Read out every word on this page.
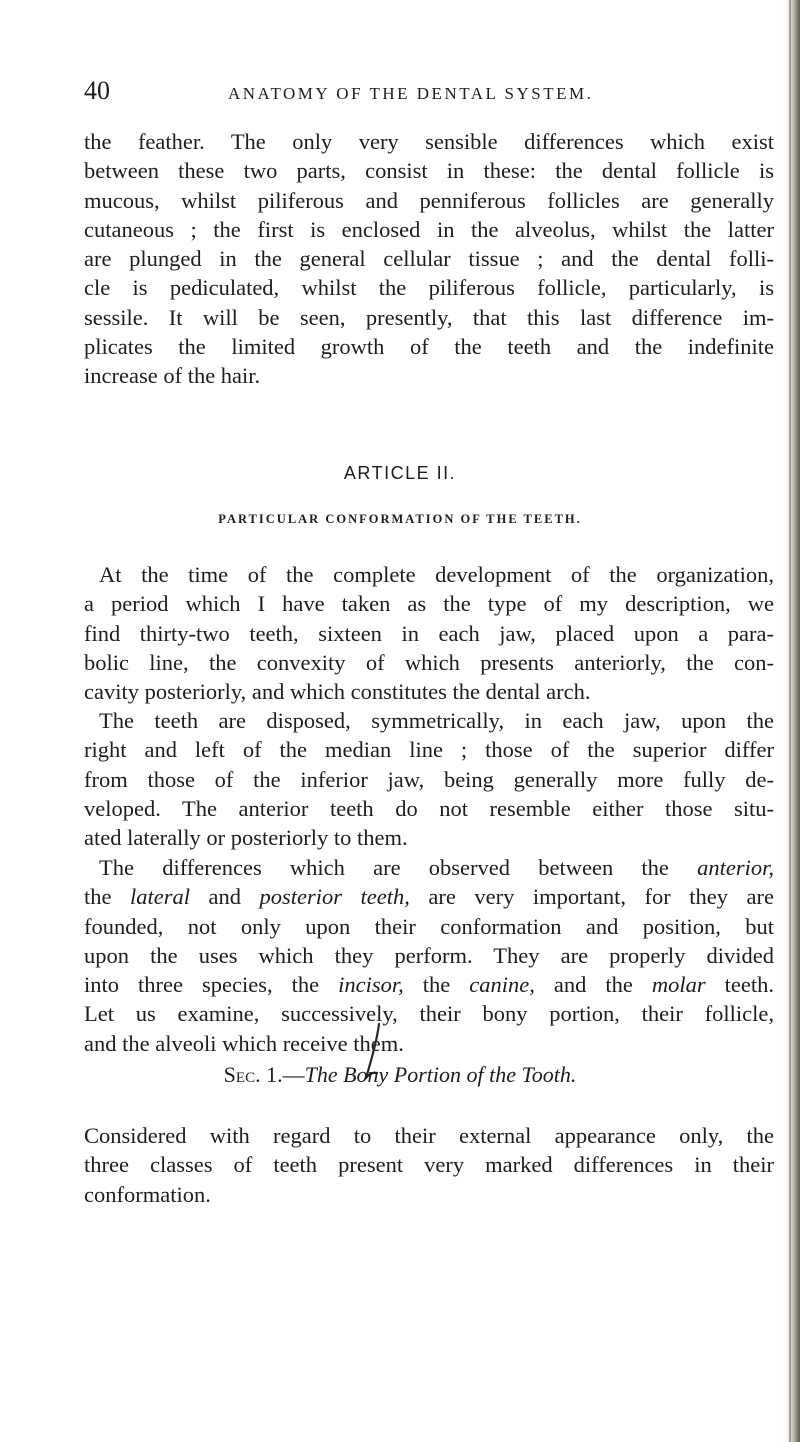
40	ANATOMY OF THE DENTAL SYSTEM.
the feather. The only very sensible differences which exist
between these two parts, consist in these: the dental follicle is
mucous, whilst piliferous and penniferous follicles are generally
cutaneous ; the first is enclosed in the alveolus, whilst the latter
are plunged in the general cellular tissue ; and the dental folli-
cle is pediculated, whilst the piliferous follicle, particularly, is
sessile. It will be seen, presently, that this last difference im-
plicates the limited growth of the teeth and the indefinite
increase of the hair.
ARTICLE II.
PARTICULAR CONFORMATION OF THE TEETH.
At the time of the complete development of the organization,
a period which I have taken as the type of my description, we
find thirty-two teeth, sixteen in each jaw, placed upon a para-
bolic line, the convexity of which presents anteriorly, the con-
cavity posteriorly, and which constitutes the dental arch.
The teeth are disposed, symmetrically, in each jaw, upon the
right and left of the median line ; those of the superior differ
from those of the inferior jaw, being generally more fully de-
veloped. The anterior teeth do not resemble either those situ-
ated laterally or posteriorly to them.
The differences which are observed between the anterior,
the lateral and posterior teeth, are very important, for they are
founded, not only upon their conformation and position, but
upon the uses which they perform. They are properly divided
into three species, the incisor, the canine, and the molar teeth.
Let us examine, successively, their bony portion, their follicle,
and the alveoli which receive them.
Sec. 1.—The Bony Portion of the Tooth.
Considered with regard to their external appearance only, the
three classes of teeth present very marked differences in their
conformation.
